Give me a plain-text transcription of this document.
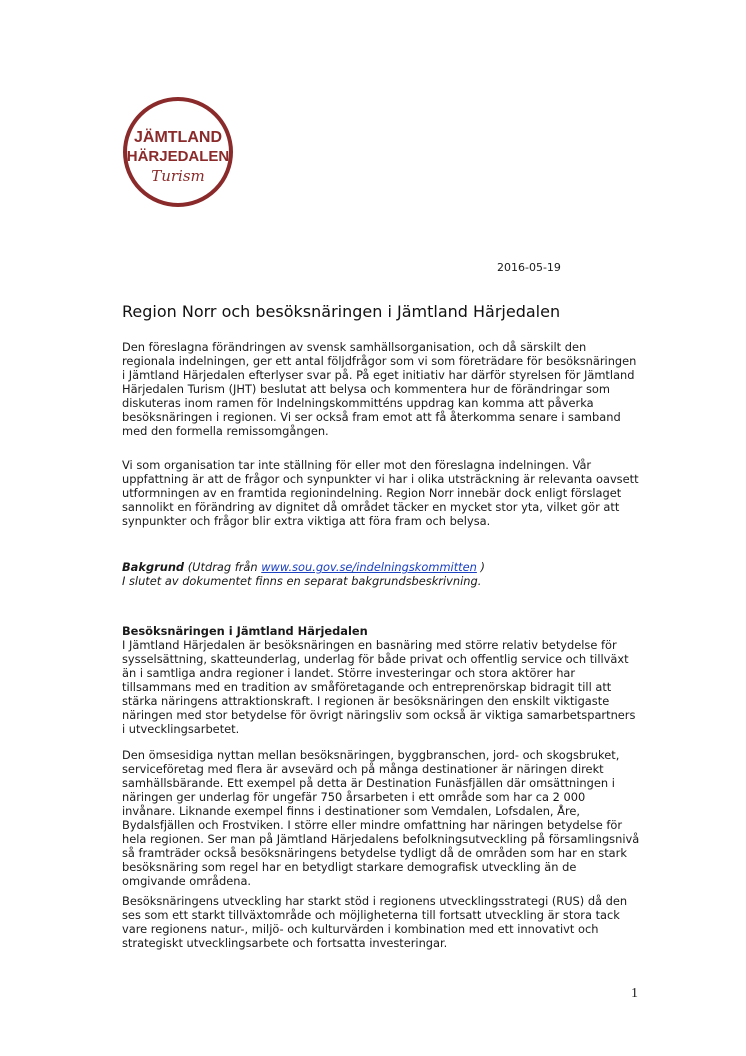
JÄMTLAND
HÄRJEDALEN
Turism
2016-05-19
Region Norr och besöksnäringen i Jämtland Härjedalen

Den föreslagna förändringen av svensk samhällsorganisation, och då särskilt den regionala indelningen, ger ett antal följdfrågor som vi som företrädare för besöksnäringen i Jämtland Härjedalen efterlyser svar på. På eget initiativ har därför styrelsen för Jämtland Härjedalen Turism (JHT) beslutat att belysa och kommentera hur de förändringar som diskuteras inom ramen för Indelningskommitténs uppdrag kan komma att påverka besöksnäringen i regionen. Vi ser också fram emot att få återkomma senare i samband med den formella remissomgången.

Vi som organisation tar inte ställning för eller mot den föreslagna indelningen. Vår uppfattning är att de frågor och synpunkter vi har i olika utsträckning är relevanta oavsett utformningen av en framtida regionindelning. Region Norr innebär dock enligt förslaget sannolikt en förändring av dignitet då området täcker en mycket stor yta, vilket gör att synpunkter och frågor blir extra viktiga att föra fram och belysa.

Bakgrund (Utdrag från www.sou.gov.se/indelningskommitten )
I slutet av dokumentet finns en separat bakgrundsbeskrivning.
Besöksnäringen i Jämtland Härjedalen
I Jämtland Härjedalen är besöksnäringen en basnäring med större relativ betydelse för sysselsättning, skatteunderlag, underlag för både privat och offentlig service och tillväxt än i samtliga andra regioner i landet. Större investeringar och stora aktörer har tillsammans med en tradition av småföretagande och entreprenörskap bidragit till att stärka näringens attraktionskraft. I regionen är besöksnäringen den enskilt viktigaste näringen med stor betydelse för övrigt näringsliv som också är viktiga samarbetspartners i utvecklingsarbetet.

Den ömsesidiga nyttan mellan besöksnäringen, byggbranschen, jord- och skogsbruket, serviceföretag med flera är avsevärd och på många destinationer är näringen direkt samhällsbärande. Ett exempel på detta är Destination Funäsfjällen där omsättningen i näringen ger underlag för ungefär 750 årsarbeten i ett område som har ca 2 000 invånare. Liknande exempel finns i destinationer som Vemdalen, Lofsdalen, Åre, Bydalsfjällen och Frostviken. I större eller mindre omfattning har näringen betydelse för hela regionen. Ser man på Jämtland Härjedalens befolkningsutveckling på församlingsnivå så framträder också besöksnäringens betydelse tydligt då de områden som har en stark besöksnäring som regel har en betydligt starkare demografisk utveckling än de omgivande områdena.

Besöksnäringens utveckling har starkt stöd i regionens utvecklingsstrategi (RUS) då den ses som ett starkt tillväxtområde och möjligheterna till fortsatt utveckling är stora tack vare regionens natur-, miljö- och kulturvärden i kombination med ett innovativt och strategiskt utvecklingsarbete och fortsatta investeringar.

1
